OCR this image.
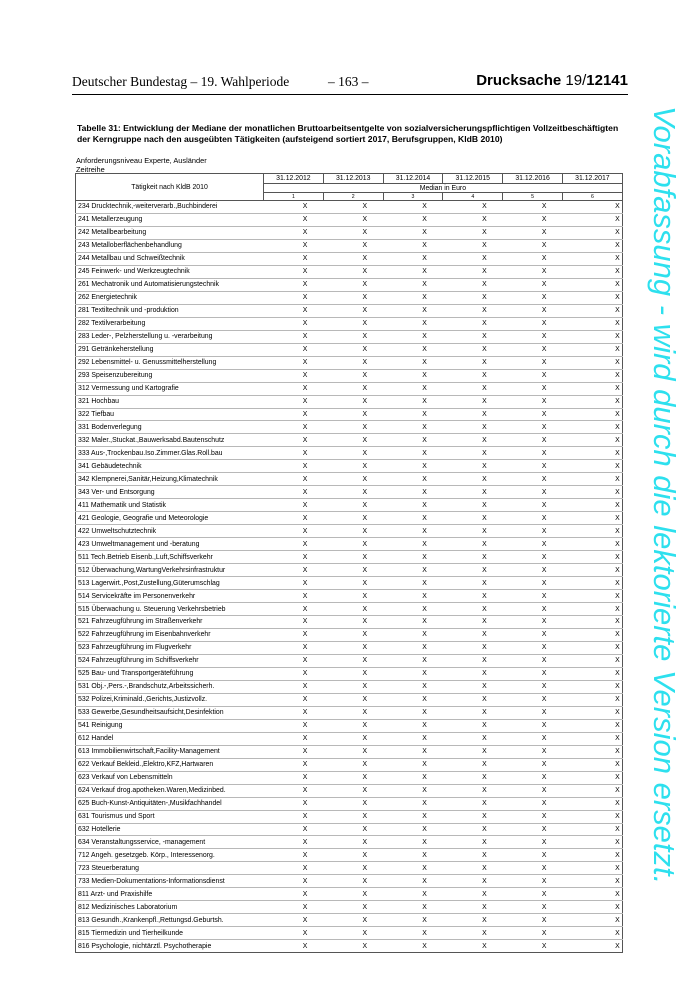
Deutscher Bundestag – 19. Wahlperiode	– 163 –	Drucksache 19/12141
Tabelle 31: Entwicklung der Mediane der monatlichen Bruttoarbeitsentgelte von sozialversicherungspflichtigen Vollzeitbeschäftigten der Kerngruppe nach den ausgeübten Tätigkeiten (aufsteigend sortiert 2017, Berufsgruppen, KldB 2010)
Anforderungsniveau Experte, Ausländer
Zeitreihe
Tätigkeit nach KldB 2010	31.12.2012	31.12.2013	31.12.2014	31.12.2015	31.12.2016	31.12.2017
	Median in Euro					
	1	2	3	4	5	6
234 Drucktechnik,-weiterverarb.,Buchbinderei	X	X	X	X	X	X
241 Metallerzeugung	X	X	X	X	X	X
242 Metallbearbeitung	X	X	X	X	X	X
243 Metalloberflächenbehandlung	X	X	X	X	X	X
244 Metallbau und Schweißtechnik	X	X	X	X	X	X
245 Feinwerk- und Werkzeugtechnik	X	X	X	X	X	X
261 Mechatronik und Automatisierungstechnik	X	X	X	X	X	X
262 Energietechnik	X	X	X	X	X	X
281 Textiltechnik und -produktion	X	X	X	X	X	X
282 Textilverarbeitung	X	X	X	X	X	X
283 Leder-, Pelzherstellung u. -verarbeitung	X	X	X	X	X	X
291 Getränkeherstellung	X	X	X	X	X	X
292 Lebensmittel- u. Genussmittelherstellung	X	X	X	X	X	X
293 Speisenzubereitung	X	X	X	X	X	X
312 Vermessung und Kartografie	X	X	X	X	X	X
321 Hochbau	X	X	X	X	X	X
322 Tiefbau	X	X	X	X	X	X
331 Bodenverlegung	X	X	X	X	X	X
332 Maler.,Stuckat.,Bauwerksabd.Bautenschutz	X	X	X	X	X	X
333 Aus-,Trockenbau.Iso.Zimmer.Glas.Roll.bau	X	X	X	X	X	X
341 Gebäudetechnik	X	X	X	X	X	X
342 Klempnerei,Sanitär,Heizung,Klimatechnik	X	X	X	X	X	X
343 Ver- und Entsorgung	X	X	X	X	X	X
411 Mathematik und Statistik	X	X	X	X	X	X
421 Geologie, Geografie und Meteorologie	X	X	X	X	X	X
422 Umweltschutztechnik	X	X	X	X	X	X
423 Umweltmanagement und -beratung	X	X	X	X	X	X
511 Tech.Betrieb Eisenb.,Luft,Schiffsverkehr	X	X	X	X	X	X
512 Überwachung,WartungVerkehrsinfrastruktur	X	X	X	X	X	X
513 Lagerwirt.,Post,Zustellung,Güterumschlag	X	X	X	X	X	X
514 Servicekräfte im Personenverkehr	X	X	X	X	X	X
515 Überwachung u. Steuerung Verkehrsbetrieb	X	X	X	X	X	X
521 Fahrzeugführung im Straßenverkehr	X	X	X	X	X	X
522 Fahrzeugführung im Eisenbahnverkehr	X	X	X	X	X	X
523 Fahrzeugführung im Flugverkehr	X	X	X	X	X	X
524 Fahrzeugführung im Schiffsverkehr	X	X	X	X	X	X
525 Bau- und Transportgeräteführung	X	X	X	X	X	X
531 Obj.-,Pers.-,Brandschutz,Arbeitssicherh.	X	X	X	X	X	X
532 Polizei,Kriminald.,Gerichts,Justizvollz.	X	X	X	X	X	X
533 Gewerbe,Gesundheitsaufsicht,Desinfektion	X	X	X	X	X	X
541 Reinigung	X	X	X	X	X	X
612 Handel	X	X	X	X	X	X
613 Immobilienwirtschaft,Facility-Management	X	X	X	X	X	X
622 Verkauf Bekleid.,Elektro,KFZ,Hartwaren	X	X	X	X	X	X
623 Verkauf von Lebensmitteln	X	X	X	X	X	X
624 Verkauf drog.apotheken.Waren,Medizinbed.	X	X	X	X	X	X
625 Buch-Kunst-Antiquitäten-,Musikfachhandel	X	X	X	X	X	X
631 Tourismus und Sport	X	X	X	X	X	X
632 Hotellerie	X	X	X	X	X	X
634 Veranstaltungsservice, -management	X	X	X	X	X	X
712 Angeh. gesetzgeb. Körp., Interessenorg.	X	X	X	X	X	X
723 Steuerberatung	X	X	X	X	X	X
733 Medien-Dokumentations-Informationsdienst	X	X	X	X	X	X
811 Arzt- und Praxishilfe	X	X	X	X	X	X
812 Medizinisches Laboratorium	X	X	X	X	X	X
813 Gesundh.,Krankenpfl.,Rettungsd.Geburtsh.	X	X	X	X	X	X
815 Tiermedizin und Tierheilkunde	X	X	X	X	X	X
816 Psychologie, nichtärztl. Psychotherapie	X	X	X	X	X	X
Vorabfassung - wird durch die lektorierte Version ersetzt.
